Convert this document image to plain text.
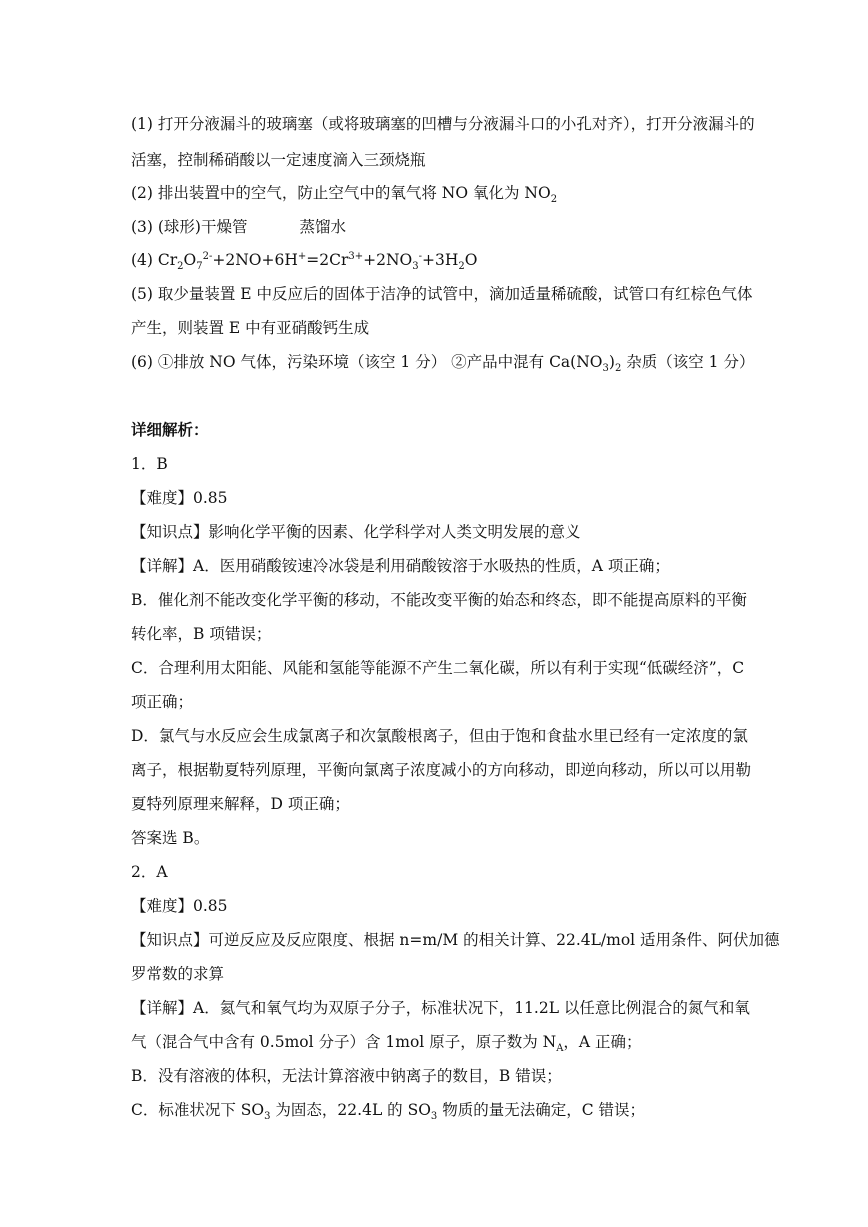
(1) 打开分液漏斗的玻璃塞（或将玻璃塞的凹槽与分液漏斗口的小孔对齐），打开分液漏斗的
活塞，控制稀硝酸以一定速度滴入三颈烧瓶
(2) 排出装置中的空气，防止空气中的氧气将 NO 氧化为 $NO_2$
(3) (球形)干燥管	蒸馏水
(4) $Cr_2O_7^{2-}+2NO+6H^+=2Cr^{3+}+2NO_3^-+3H_2O$
(5) 取少量装置 E 中反应后的固体于洁净的试管中，滴加适量稀硫酸，试管口有红棕色气体
产生，则装置 E 中有亚硝酸钙生成
(6) ①排放 NO 气体，污染环境（该空 1 分） ②产品中混有 $Ca(NO_3)_2$ 杂质（该空 1 分）
详细解析：
1．B
【难度】0.85
【知识点】影响化学平衡的因素、化学科学对人类文明发展的意义
【详解】A．医用硝酸铵速冷冰袋是利用硝酸铵溶于水吸热的性质，A 项正确；
B．催化剂不能改变化学平衡的移动，不能改变平衡的始态和终态，即不能提高原料的平衡
转化率，B 项错误；
C．合理利用太阳能、风能和氢能等能源不产生二氧化碳，所以有利于实现“低碳经济”，C
项正确；
D．氯气与水反应会生成氯离子和次氯酸根离子，但由于饱和食盐水里已经有一定浓度的氯
离子，根据勒夏特列原理，平衡向氯离子浓度减小的方向移动，即逆向移动，所以可以用勒
夏特列原理来解释，D 项正确；
答案选 B。
2．A
【难度】0.85
【知识点】可逆反应及反应限度、根据 n=m/M 的相关计算、22.4L/mol 适用条件、阿伏加德
罗常数的求算
【详解】A．氦气和氧气均为双原子分子，标准状况下，11.2L 以任意比例混合的氮气和氧
气（混合气中含有 0.5mol 分子）含 1mol 原子，原子数为 $N_A$，A 正确；
B．没有溶液的体积，无法计算溶液中钠离子的数目，B 错误；
C．标准状况下 $SO_3$ 为固态，22.4L 的 $SO_3$ 物质的量无法确定，C 错误；
